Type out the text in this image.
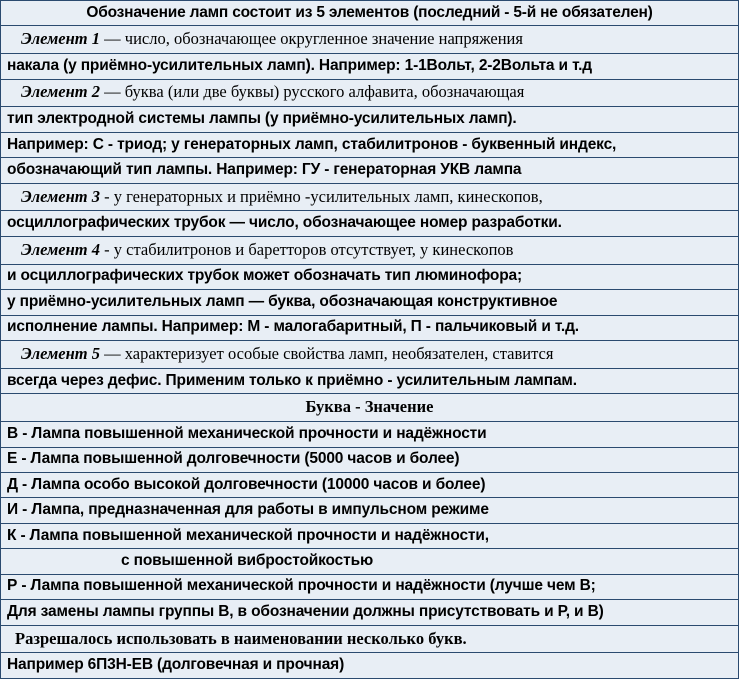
Обозначение ламп состоит из 5 элементов (последний - 5-й не обязателен)
Элемент 1 — число, обозначающее округленное значение напряжения
накала (у приёмно-усилительных ламп). Например: 1-1Вольт, 2-2Вольта и т.д
Элемент 2 — буква (или две буквы) русского алфавита, обозначающая
тип электродной системы лампы (у приёмно-усилительных ламп).
Например: С - триод; у генераторных ламп, стабилитронов - буквенный индекс,
обозначающий тип лампы. Например: ГУ - генераторная УКВ лампа
Элемент 3 - у генераторных и приёмно -усилительных ламп, кинескопов,
осциллографических трубок — число, обозначающее номер разработки.
Элемент 4 - у стабилитронов и баретторов отсутствует, у кинескопов
и осциллографических трубок может обозначать тип люминофора;
у приёмно-усилительных ламп — буква, обозначающая конструктивное
исполнение лампы. Например: М - малогабаритный, П - пальчиковый и т.д.
Элемент 5 — характеризует особые свойства ламп, необязателен, ставится
всегда через дефис. Применим только к приёмно - усилительным лампам.
Буква - Значение
В - Лампа повышенной механической прочности и надёжности
Е - Лампа повышенной долговечности (5000 часов и более)
Д - Лампа особо высокой долговечности (10000 часов и более)
И - Лампа, предназначенная для работы в импульсном режиме
К - Лампа повышенной механической прочности и надёжности,
с повышенной вибростойкостью
Р - Лампа повышенной механической прочности и надёжности (лучше чем В;
Для замены лампы группы В, в обозначении должны присутствовать и Р, и В)
Разрешалось использовать в наименовании несколько букв.
Например 6П3Н-ЕВ (долговечная и прочная)
